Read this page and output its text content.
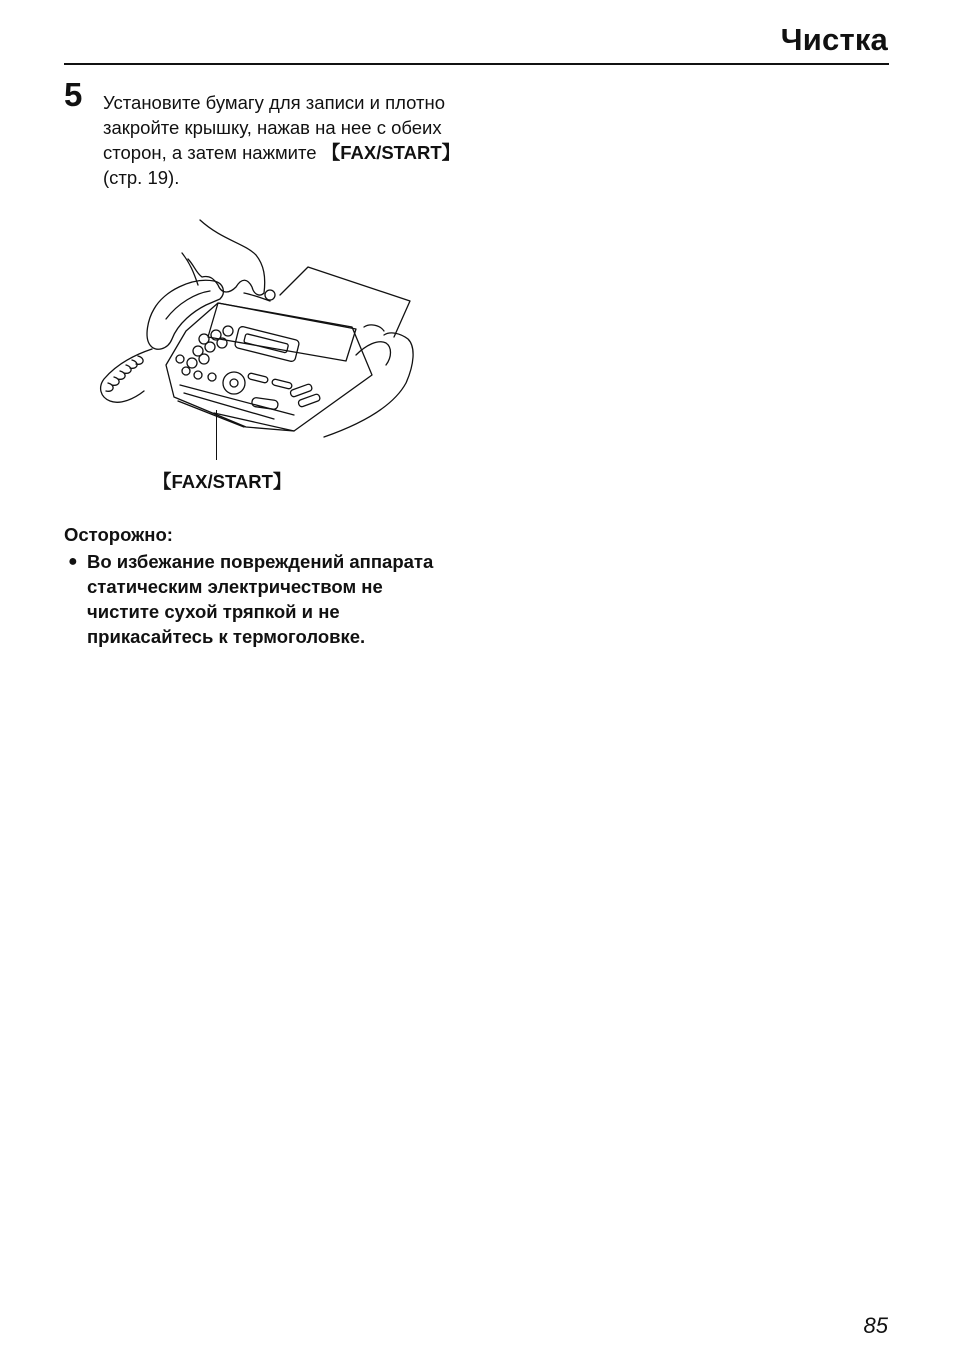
Чистка
5 Установите бумагу для записи и плотно закройте крышку, нажав на нее с обеих сторон, а затем нажмите 【FAX/START】 (стр. 19).
【FAX/START】
Осторожно:
● Во избежание повреждений аппарата статическим электричеством не чистите сухой тряпкой и не прикасайтесь к термоголовке.
85
